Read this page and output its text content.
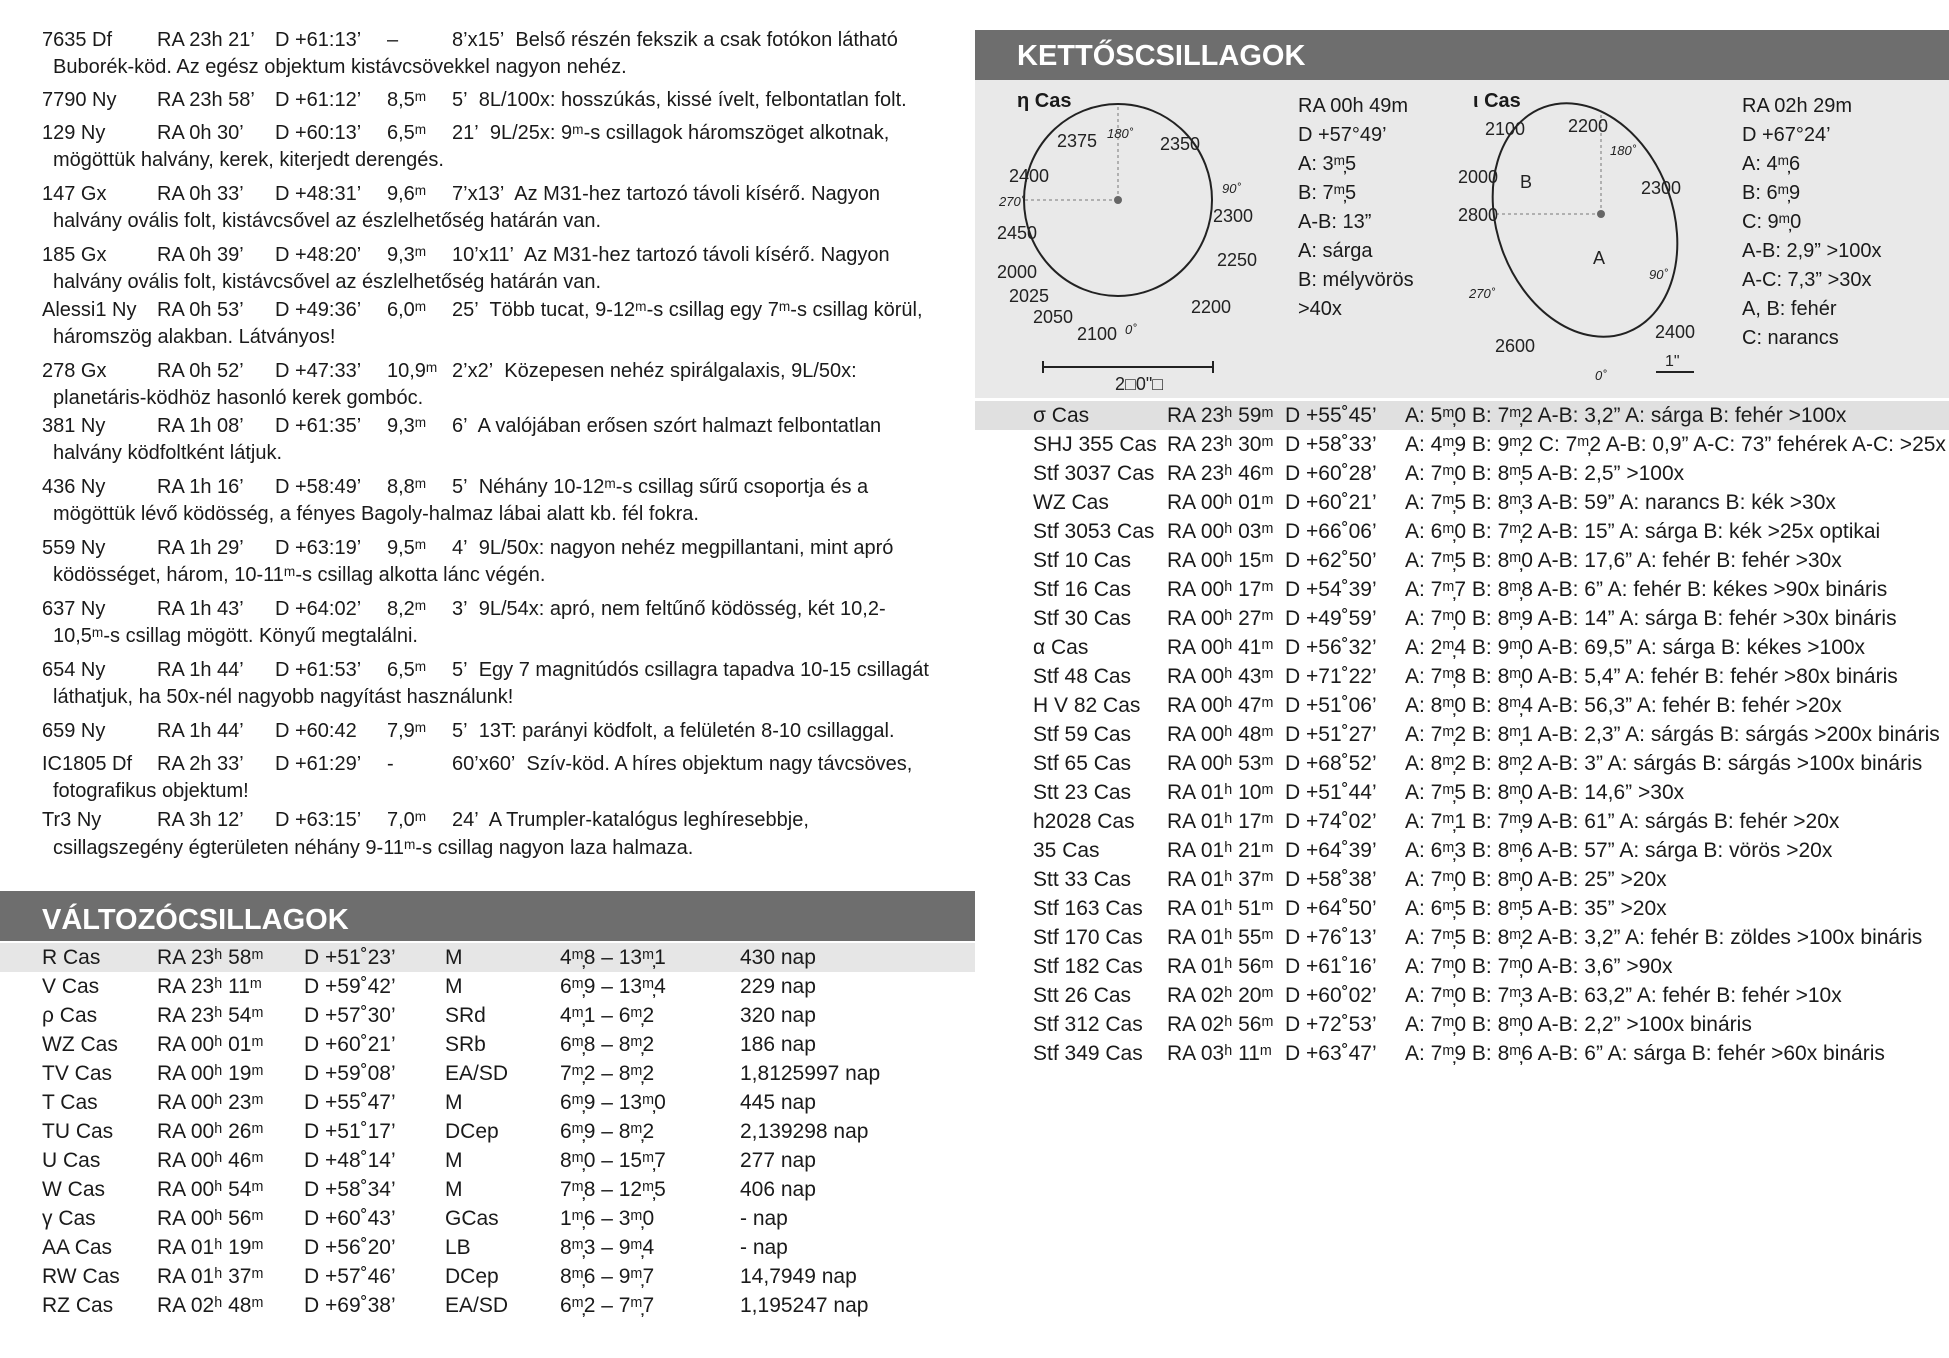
7635 Df RA 23h 21’ D +61:13’ –	8’x15’ Belső részén fekszik a csak fotókon látható
Buborék-köd. Az egész objektum kistávcsövekkel nagyon nehéz.
7790 Ny RA 23h 58’ D +61:12’ 8,5ᵐ 5’ 8L/100x: hosszúkás, kissé ívelt, felbontatlan folt.
129 Ny	RA 0h 30’ D +60:13’ 6,5ᵐ 21’ 9L/25x: 9ᵐ-s csillagok háromszöget alkotnak,
mögöttük halvány, kerek, kiterjedt derengés.
147 Gx	RA 0h 33’ D +48:31’ 9,6ᵐ 7’x13’ Az M31-hez tartozó távoli kísérő. Nagyon
halvány ovális folt, kistávcsővel az észlelhetőség határán van.
185 Gx	RA 0h 39’ D +48:20’ 9,3ᵐ 10’x11’ Az M31-hez tartozó távoli kísérő. Nagyon
halvány ovális folt, kistávcsővel az észlelhetőség határán van.
Alessi1 Ny RA 0h 53’ D +49:36’ 6,0ᵐ 25’ Több tucat, 9-12ᵐ-s csillag egy 7ᵐ-s csillag körül,
háromszög alakban. Látványos!
278 Gx	RA 0h 52’ D +47:33’ 10,9ᵐ 2’x2’ Közepesen nehéz spirálgalaxis, 9L/50x:
planetáris-ködhöz hasonló kerek gombóc.
381 Ny	RA 1h 08’ D +61:35’ 9,3ᵐ 6’ A valójában erősen szórt halmazt felbontatlan
halvány ködfoltként látjuk.
436 Ny	RA 1h 16’ D +58:49’ 8,8ᵐ 5’ Néhány 10-12ᵐ-s csillag sűrű csoportja és a
mögöttük lévő ködösség, a fényes Bagoly-halmaz lábai alatt kb. fél fokra.
559 Ny	RA 1h 29’ D +63:19’ 9,5ᵐ 4’ 9L/50x: nagyon nehéz megpillantani, mint apró
ködösséget, három, 10-11ᵐ-s csillag alkotta lánc végén.
637 Ny	RA 1h 43’ D +64:02’ 8,2ᵐ 3’ 9L/54x: apró, nem feltűnő ködösség, két 10,2-
10,5ᵐ-s csillag mögött. Könyű megtalálni.
654 Ny	RA 1h 44’ D +61:53’ 6,5ᵐ 5’ Egy 7 magnitúdós csillagra tapadva 10-15 csillagát
láthatjuk, ha 50x-nél nagyobb nagyítást használunk!
659 Ny	RA 1h 44’ D +60:42 7,9ᵐ 5’ 13T: parányi ködfolt, a felületén 8-10 csillaggal.
IC1805 Df RA 2h 33’ D +61:29’ -	60’x60’ Szív-köd. A híres objektum nagy távcsöves,
fotografikus objektum!
Tr3 Ny	RA 3h 12’ D +63:15’ 7,0ᵐ 24’ A Trumpler-katalógus leghíresebbje,
csillagszegény égterületen néhány 9-11ᵐ-s csillag nagyon laza halmaza.
VÁLTOZÓCSILLAGOK
R Cas	RA 23ʰ 58ᵐ D +51˚23’ M	4ᵐ̦8 – 13ᵐ̦1	430 nap
V Cas	RA 23ʰ 11ᵐ D +59˚42’ M	6ᵐ̦9 – 13ᵐ̦4	229 nap
ρ Cas	RA 23ʰ 54ᵐ D +57˚30’ SRd	4ᵐ̦1 – 6ᵐ̦2	320 nap
WZ Cas RA 00ʰ 01ᵐ D +60˚21’ SRb	6ᵐ̦8 – 8ᵐ̦2	186 nap
TV Cas RA 00ʰ 19ᵐ D +59˚08’ EA/SD 7ᵐ̦2 – 8ᵐ̦2	1,8125997 nap
T Cas	RA 00ʰ 23ᵐ D +55˚47’ M	6ᵐ̦9 – 13ᵐ̦0	445 nap
TU Cas RA 00ʰ 26ᵐ D +51˚17’ DCep	6ᵐ̦9 – 8ᵐ̦2	2,139298 nap
U Cas	RA 00ʰ 46ᵐ D +48˚14’ M	8ᵐ̦0 – 15ᵐ̦7	277 nap
W Cas RA 00ʰ 54ᵐ D +58˚34’ M	7ᵐ̦8 – 12ᵐ̦5	406 nap
γ Cas	RA 00ʰ 56ᵐ D +60˚43’ GCas	1ᵐ̦6 – 3ᵐ̦0	- nap
AA Cas RA 01ʰ 19ᵐ D +56˚20’ LB	8ᵐ̦3 – 9ᵐ̦4	- nap
RW Cas RA 01ʰ 37ᵐ D +57˚46’ DCep	8ᵐ̦6 – 9ᵐ̦7	14,7949 nap
RZ Cas RA 02ʰ 48ᵐ D +69˚38’ EA/SD 6ᵐ̦2 – 7ᵐ̦7	1,195247 nap
KETTŐSCSILLAGOK
η Cas
2375 180˚
2350
2400
90˚
270˚
2300
2450
2250
2000
2200
2025
2050
2100 0˚
2□0"□
RA 00h 49m
D +57°49’
A: 3ᵐ̦5
B: 7ᵐ̦5
A-B: 13”
A: sárga
B: mélyvörös
>40x
ι Cas
2100 2200
180˚
2000 B	2300
2800
A
90˚
270˚
2400
2600
0˚
1"
RA 02h 29m
D +67°24’
A: 4ᵐ̦6
B: 6ᵐ̦9
C: 9ᵐ̦0
A-B: 2,9” >100x
A-C: 7,3” >30x
A, B: fehér
C: narancs
σ Cas	RA 23ʰ 59ᵐ D +55˚45’ A: 5ᵐ̦0 B: 7ᵐ̦2 A-B: 3,2” A: sárga B: fehér >100x
SHJ 355 Cas RA 23ʰ 30ᵐ D +58˚33’ A: 4ᵐ̦9 B: 9ᵐ̦2 C: 7ᵐ̦2 A-B: 0,9” A-C: 73” fehérek A-C: >25x
Stf 3037 Cas RA 23ʰ 46ᵐ D +60˚28’ A: 7ᵐ̦0 B: 8ᵐ̦5 A-B: 2,5” >100x
WZ Cas	RA 00ʰ 01ᵐ D +60˚21’ A: 7ᵐ̦5 B: 8ᵐ̦3 A-B: 59” A: narancs B: kék >30x
Stf 3053 Cas RA 00ʰ 03ᵐ D +66˚06’ A: 6ᵐ̦0 B: 7ᵐ̦2 A-B: 15” A: sárga B: kék >25x optikai
Stf 10 Cas RA 00ʰ 15ᵐ D +62˚50’ A: 7ᵐ̦5 B: 8ᵐ̦0 A-B: 17,6” A: fehér B: fehér >30x
Stf 16 Cas RA 00ʰ 17ᵐ D +54˚39’ A: 7ᵐ̦7 B: 8ᵐ̦8 A-B: 6” A: fehér B: kékes >90x bináris
Stf 30 Cas RA 00ʰ 27ᵐ D +49˚59’ A: 7ᵐ̦0 B: 8ᵐ̦9 A-B: 14” A: sárga B: fehér >30x bináris
α Cas	RA 00ʰ 41ᵐ D +56˚32’ A: 2ᵐ̦4 B: 9ᵐ̦0 A-B: 69,5” A: sárga B: kékes >100x
Stf 48 Cas RA 00ʰ 43ᵐ D +71˚22’ A: 7ᵐ̦8 B: 8ᵐ̦0 A-B: 5,4” A: fehér B: fehér >80x bináris
H V 82 Cas RA 00ʰ 47ᵐ D +51˚06’ A: 8ᵐ̦0 B: 8ᵐ̦4 A-B: 56,3” A: fehér B: fehér >20x
Stf 59 Cas RA 00ʰ 48ᵐ D +51˚27’ A: 7ᵐ̦2 B: 8ᵐ̦1 A-B: 2,3” A: sárgás B: sárgás >200x bináris
Stf 65 Cas RA 00ʰ 53ᵐ D +68˚52’ A: 8ᵐ̦2 B: 8ᵐ̦2 A-B: 3” A: sárgás B: sárgás >100x bináris
Stt 23 Cas RA 01ʰ 10ᵐ D +51˚44’ A: 7ᵐ̦5 B: 8ᵐ̦0 A-B: 14,6” >30x
h2028 Cas RA 01ʰ 17ᵐ D +74˚02’ A: 7ᵐ̦1 B: 7ᵐ̦9 A-B: 61” A: sárgás B: fehér >20x
35 Cas	RA 01ʰ 21ᵐ D +64˚39’ A: 6ᵐ̦3 B: 8ᵐ̦6 A-B: 57” A: sárga B: vörös >20x
Stt 33 Cas RA 01ʰ 37ᵐ D +58˚38’ A: 7ᵐ̦0 B: 8ᵐ̦0 A-B: 25” >20x
Stf 163 Cas RA 01ʰ 51ᵐ D +64˚50’ A: 6ᵐ̦5 B: 8ᵐ̦5 A-B: 35” >20x
Stf 170 Cas RA 01ʰ 55ᵐ D +76˚13’ A: 7ᵐ̦5 B: 8ᵐ̦2 A-B: 3,2” A: fehér B: zöldes >100x bináris
Stf 182 Cas RA 01ʰ 56ᵐ D +61˚16’ A: 7ᵐ̦0 B: 7ᵐ̦0 A-B: 3,6” >90x
Stt 26 Cas RA 02ʰ 20ᵐ D +60˚02’ A: 7ᵐ̦0 B: 7ᵐ̦3 A-B: 63,2” A: fehér B: fehér >10x
Stf 312 Cas RA 02ʰ 56ᵐ D +72˚53’ A: 7ᵐ̦0 B: 8ᵐ̦0 A-B: 2,2” >100x bináris
Stf 349 Cas RA 03ʰ 11ᵐ D +63˚47’ A: 7ᵐ̦9 B: 8ᵐ̦6 A-B: 6” A: sárga B: fehér >60x bináris
